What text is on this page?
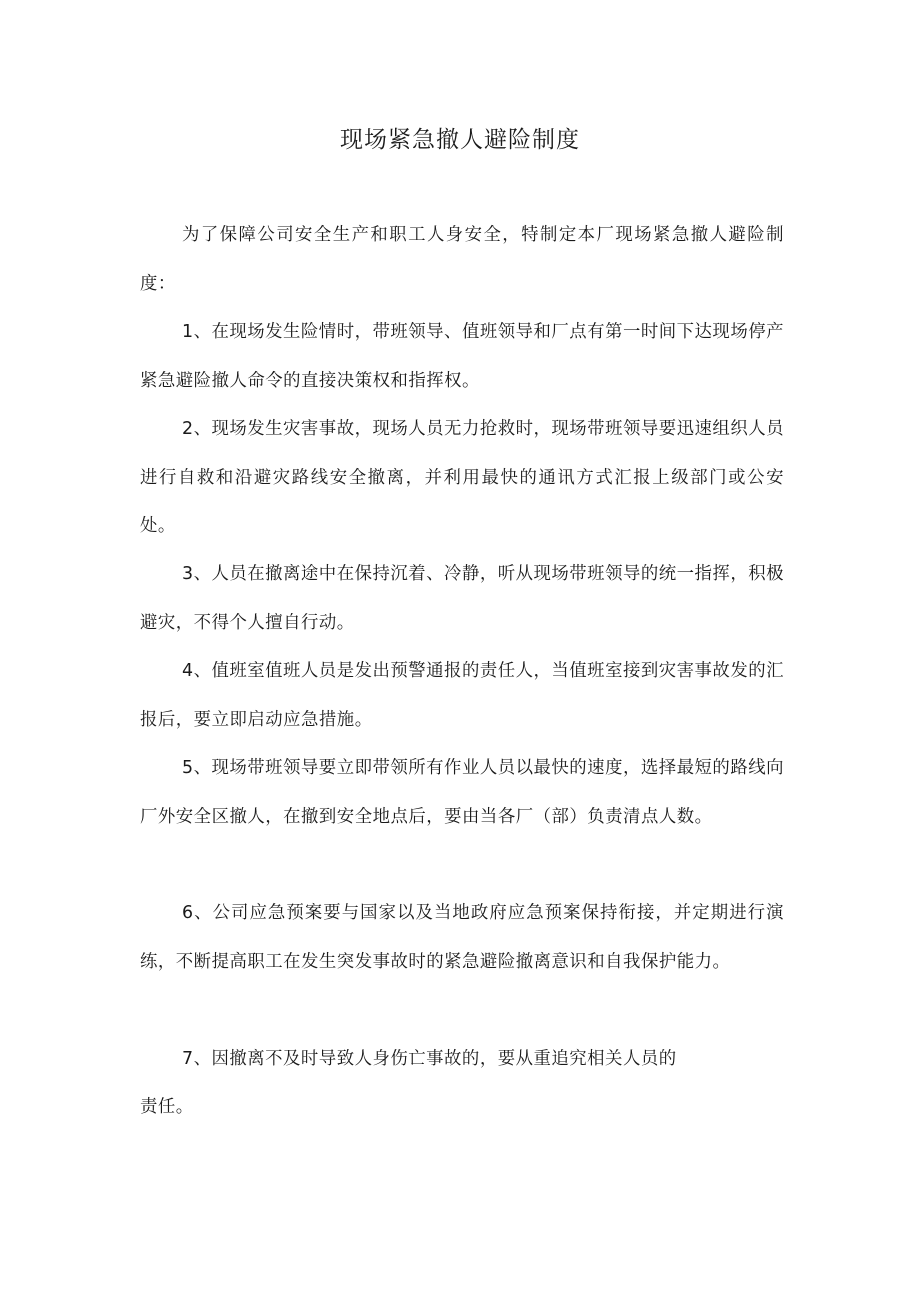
现场紧急撤人避险制度

为了保障公司安全生产和职工人身安全，特制定本厂现场紧急撤人避险制度：

1、在现场发生险情时，带班领导、值班领导和厂点有第一时间下达现场停产紧急避险撤人命令的直接决策权和指挥权。

2、现场发生灾害事故，现场人员无力抢救时，现场带班领导要迅速组织人员进行自救和沿避灾路线安全撤离，并利用最快的通讯方式汇报上级部门或公安处。

3、人员在撤离途中在保持沉着、冷静，听从现场带班领导的统一指挥，积极避灾，不得个人擅自行动。

4、值班室值班人员是发出预警通报的责任人，当值班室接到灾害事故发的汇报后，要立即启动应急措施。

5、现场带班领导要立即带领所有作业人员以最快的速度，选择最短的路线向厂外安全区撤人，在撤到安全地点后，要由当各厂（部）负责清点人数。

6、公司应急预案要与国家以及当地政府应急预案保持衔接，并定期进行演练，不断提高职工在发生突发事故时的紧急避险撤离意识和自我保护能力。

7、因撤离不及时导致人身伤亡事故的，要从重追究相关人员的

责任。
